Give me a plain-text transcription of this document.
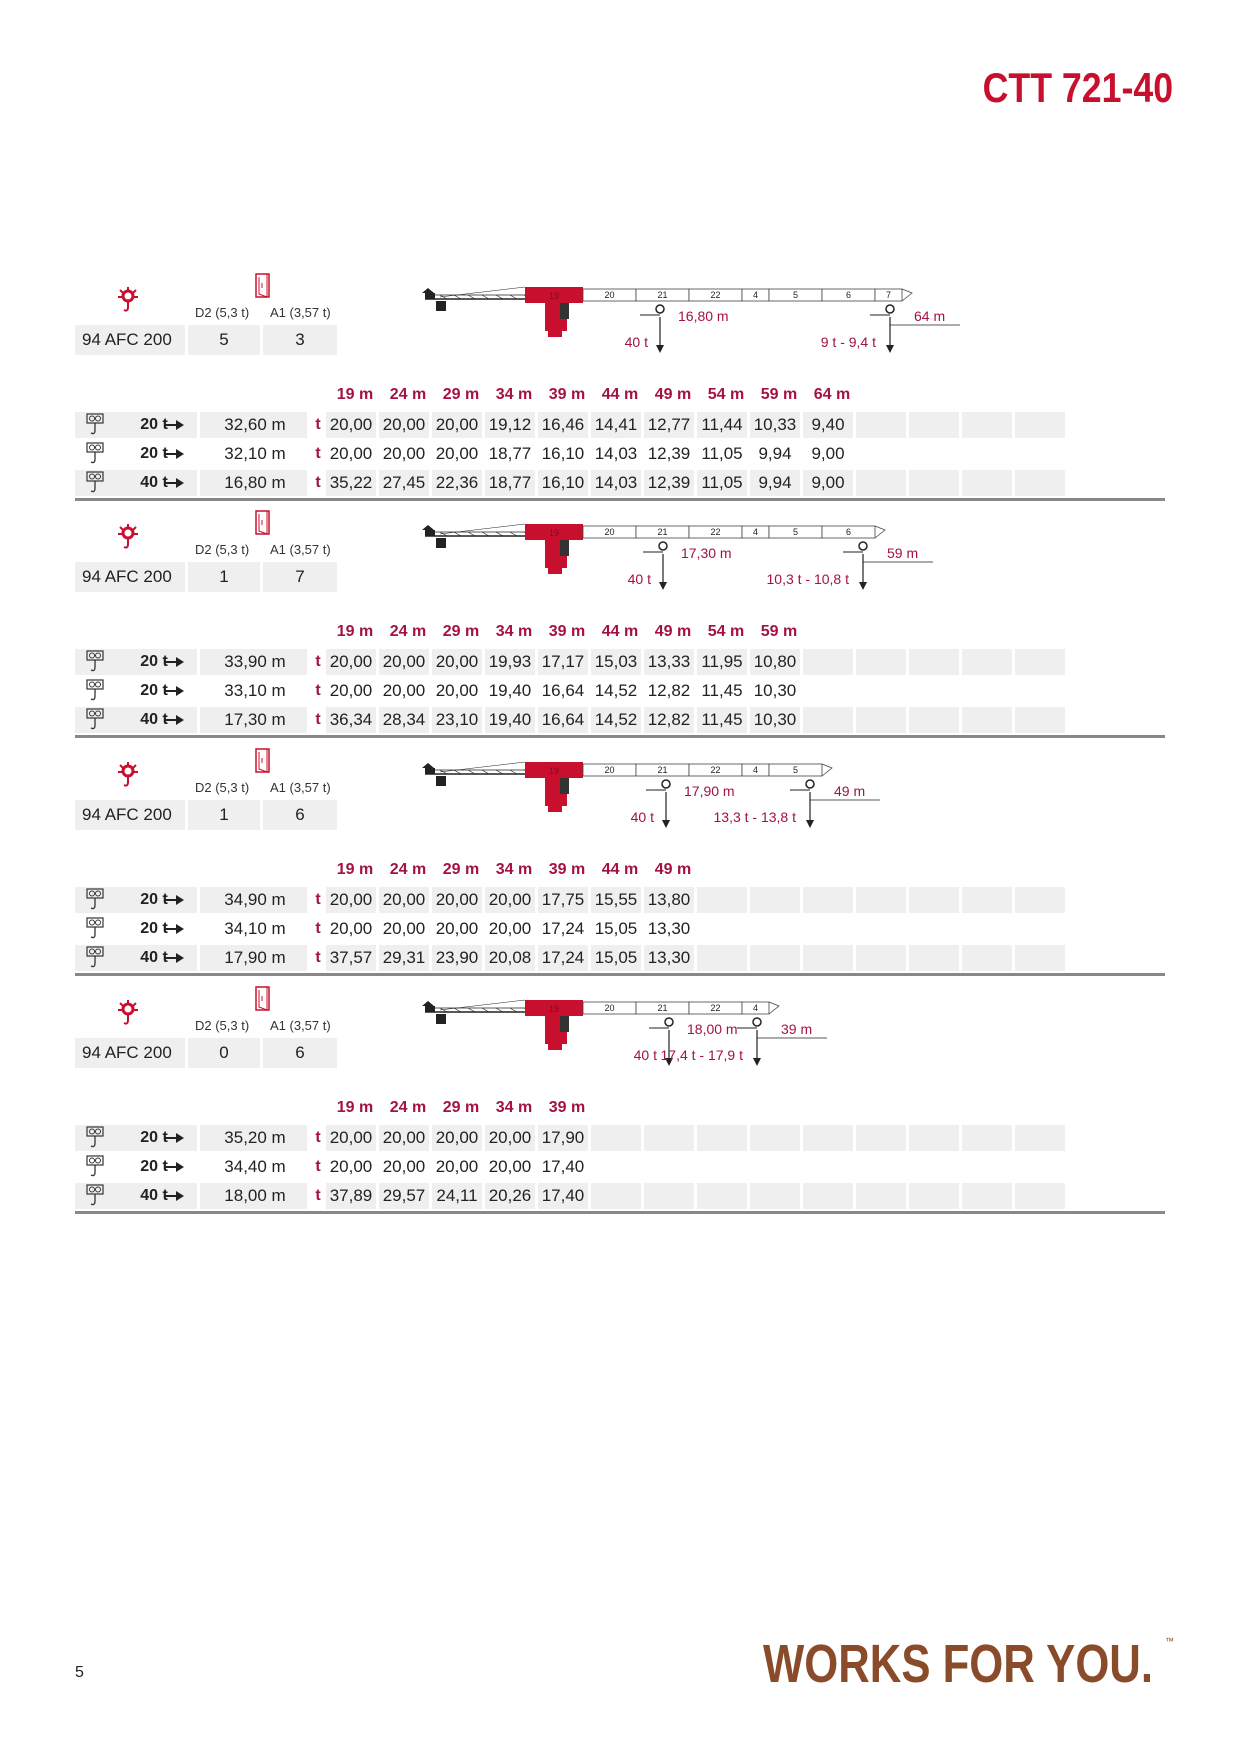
CTT 721-40
D2 (5,3 t) A1 (3,57 t)
94 AFC 200	5	3
19	20	21	22	4	5	6	7
16,80 m
40 t
64 m
9 t - 9,4 t
19 m	24 m	29 m	34 m	39 m	44 m	49 m	54 m	59 m	64 m
20 t	32,60 m	t 20,00 20,00 20,00 19,12 16,46 14,41 12,77 11,44 10,33 9,40
20 t	32,10 m	t 20,00 20,00 20,00 18,77 16,10 14,03 12,39 11,05 9,94	9,00
40 t	16,80 m	t 35,22 27,45 22,36 18,77 16,10 14,03 12,39 11,05 9,94	9,00
D2 (5,3 t) A1 (3,57 t)
94 AFC 200	1	7
19	20	21	22	4	5	6
17,30 m
40 t
59 m
10,3 t - 10,8 t
19 m	24 m	29 m	34 m	39 m	44 m	49 m	54 m	59 m
20 t	33,90 m	t 20,00 20,00 20,00 19,93 17,17 15,03 13,33 11,95 10,80
20 t	33,10 m	t 20,00 20,00 20,00 19,40 16,64 14,52 12,82 11,45 10,30
40 t	17,30 m	t 36,34 28,34 23,10 19,40 16,64 14,52 12,82 11,45 10,30
D2 (5,3 t) A1 (3,57 t)
94 AFC 200	1	6
19	20	21	22	4	5
17,90 m
40 t
49 m
13,3 t - 13,8 t
19 m	24 m	29 m	34 m	39 m	44 m	49 m
20 t	34,90 m	t 20,00 20,00 20,00 20,00 17,75 15,55 13,80
20 t	34,10 m	t 20,00 20,00 20,00 20,00 17,24 15,05 13,30
40 t	17,90 m	t 37,57 29,31 23,90 20,08 17,24 15,05 13,30
D2 (5,3 t) A1 (3,57 t)
94 AFC 200	0	6
19	20	21	22	4
18,00 m
40 t
39 m
17,4 t - 17,9 t
19 m	24 m	29 m	34 m	39 m
20 t	35,20 m	t 20,00 20,00 20,00 20,00 17,90
20 t	34,40 m	t 20,00 20,00 20,00 20,00 17,40
40 t	18,00 m	t 37,89 29,57 24,11 20,26 17,40
5	WORKS FOR YOU. ™
